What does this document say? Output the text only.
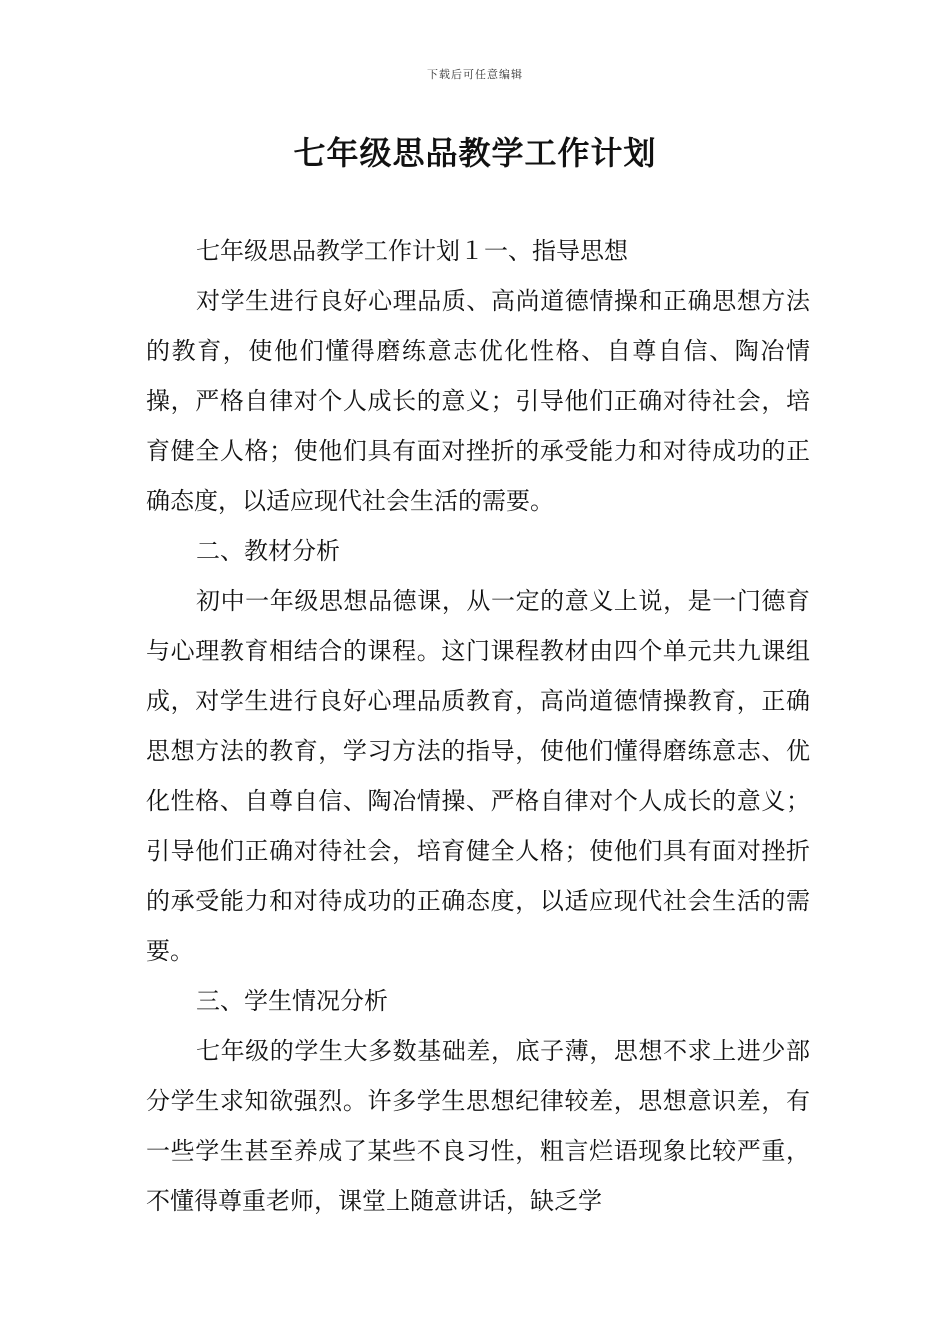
下载后可任意编辑
七年级思品教学工作计划

七年级思品教学工作计划１一、指导思想

对学生进行良好心理品质、高尚道德情操和正确思想方法的教育，使他们懂得磨练意志优化性格、自尊自信、陶冶情操，严格自律对个人成长的意义；引导他们正确对待社会，培育健全人格；使他们具有面对挫折的承受能力和对待成功的正确态度，以适应现代社会生活的需要。

二、教材分析

初中一年级思想品德课，从一定的意义上说，是一门德育与心理教育相结合的课程。这门课程教材由四个单元共九课组成，对学生进行良好心理品质教育，高尚道德情操教育，正确思想方法的教育，学习方法的指导，使他们懂得磨练意志、优化性格、自尊自信、陶冶情操、严格自律对个人成长的意义；引导他们正确对待社会，培育健全人格；使他们具有面对挫折的承受能力和对待成功的正确态度，以适应现代社会生活的需要。

三、学生情况分析

七年级的学生大多数基础差，底子薄，思想不求上进少部分学生求知欲强烈。许多学生思想纪律较差，思想意识差，有一些学生甚至养成了某些不良习性，粗言烂语现象比较严重，不懂得尊重老师，课堂上随意讲话，缺乏学
